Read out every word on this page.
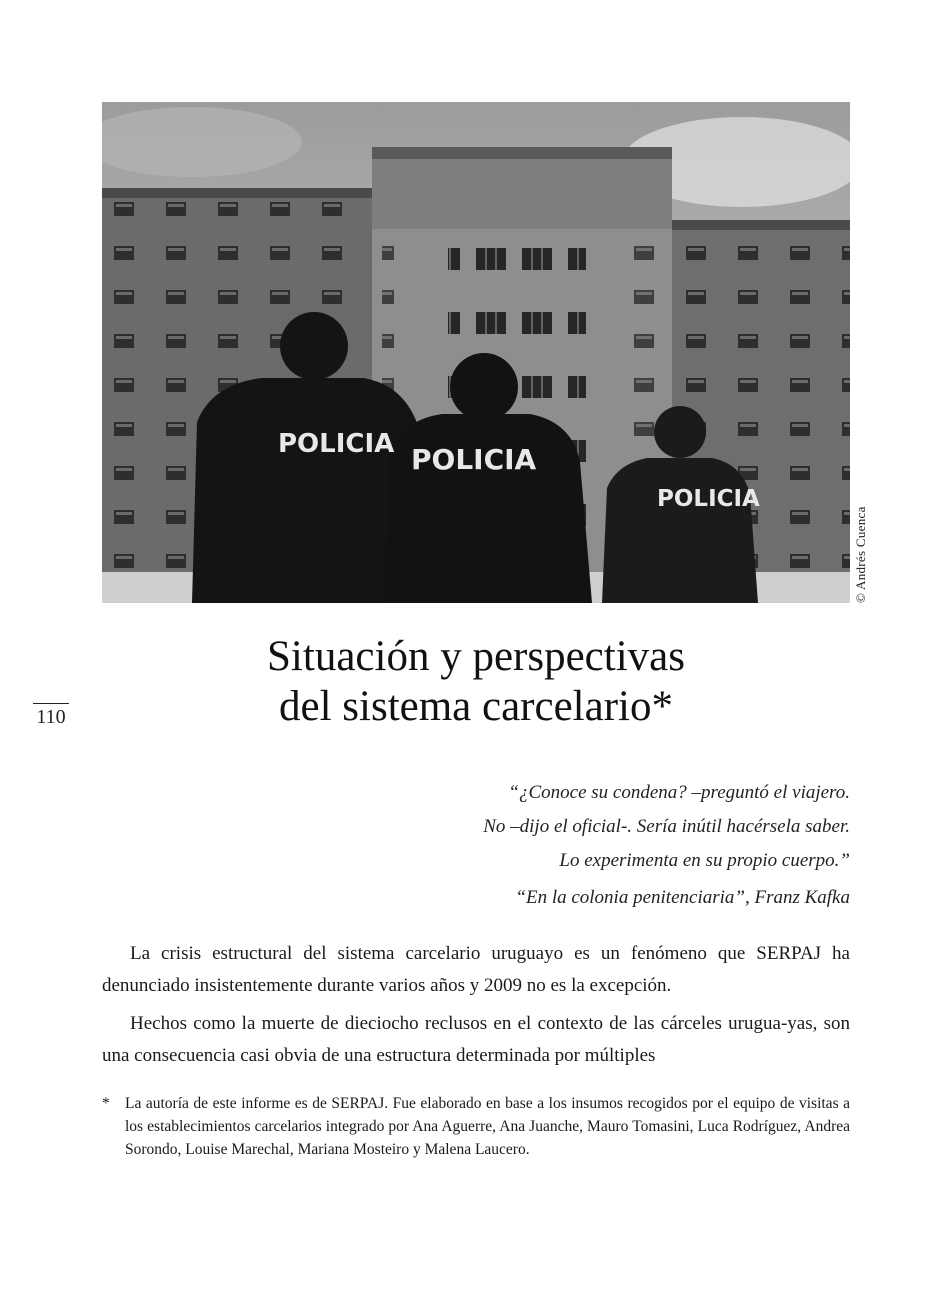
POLICIA POLICIA
POLICIA
© Andrés Cuenca
110
Situación y perspectivas
del sistema carcelario*
“¿Conoce su condena? –preguntó el viajero.
No –dijo el oficial-. Sería inútil hacérsela saber.
Lo experimenta en su propio cuerpo.”
“En la colonia penitenciaria”, Franz Kafka

La crisis estructural del sistema carcelario uruguayo es un fenómeno que SERPAJ ha denunciado insistentemente durante varios años y 2009 no es la excepción.

Hechos como la muerte de dieciocho reclusos en el contexto de las cárceles urugua-yas, son una consecuencia casi obvia de una estructura determinada por múltiples

* La autoría de este informe es de SERPAJ. Fue elaborado en base a los insumos recogidos por el equipo de visitas a los establecimientos carcelarios integrado por Ana Aguerre, Ana Juanche, Mauro Tomasini, Luca Rodríguez, Andrea Sorondo, Louise Marechal, Mariana Mosteiro y Malena Laucero.
